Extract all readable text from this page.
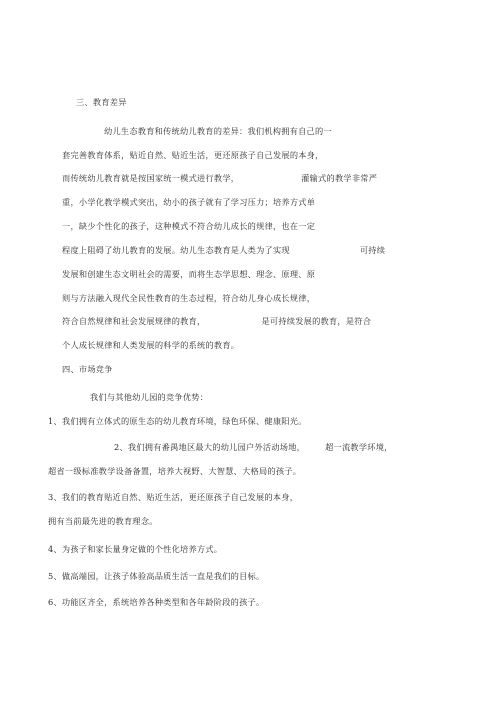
三、教育差异
幼儿生态教育和传统幼儿教育的差异：我们机构拥有自己的一
套完善教育体系，贴近自然、贴近生活，更还原孩子自己发展的本身，
而传统幼儿教育就是按国家统一模式进行教学，	灌输式的教学非常严
重，小学化教学模式突出，幼小的孩子就有了学习压力；培养方式单
一，缺少个性化的孩子，这种模式不符合幼儿成长的规律，也在一定
程度上阻碍了幼儿教育的发展。幼儿生态教育是人类为了实现	可持续
发展和创建生态文明社会的需要，而将生态学思想、理念、原理、原
则与方法融入现代全民性教育的生态过程，符合幼儿身心成长规律，
符合自然规律和社会发展规律的教育，	是可持续发展的教育，是符合
个人成长规律和人类发展的科学的系统的教育。
四、市场竞争
我们与其他幼儿园的竞争优势：
1、我们拥有立体式的原生态的幼儿教育环境，绿色环保、健康阳光。
2、我们拥有番禺地区最大的幼儿园户外活动场地， 超一流教学环境，
超省一级标准教学设备备置，培养大视野、大智慧、大格局的孩子。
3、我们的教育贴近自然、贴近生活，更还原孩子自己发展的本身，
拥有当前最先进的教育理念。
4、为孩子和家长量身定做的个性化培养方式。
5、做高端园，让孩子体验高品质生活一直是我们的目标。
6、功能区齐全，系统培养各种类型和各年龄阶段的孩子。
